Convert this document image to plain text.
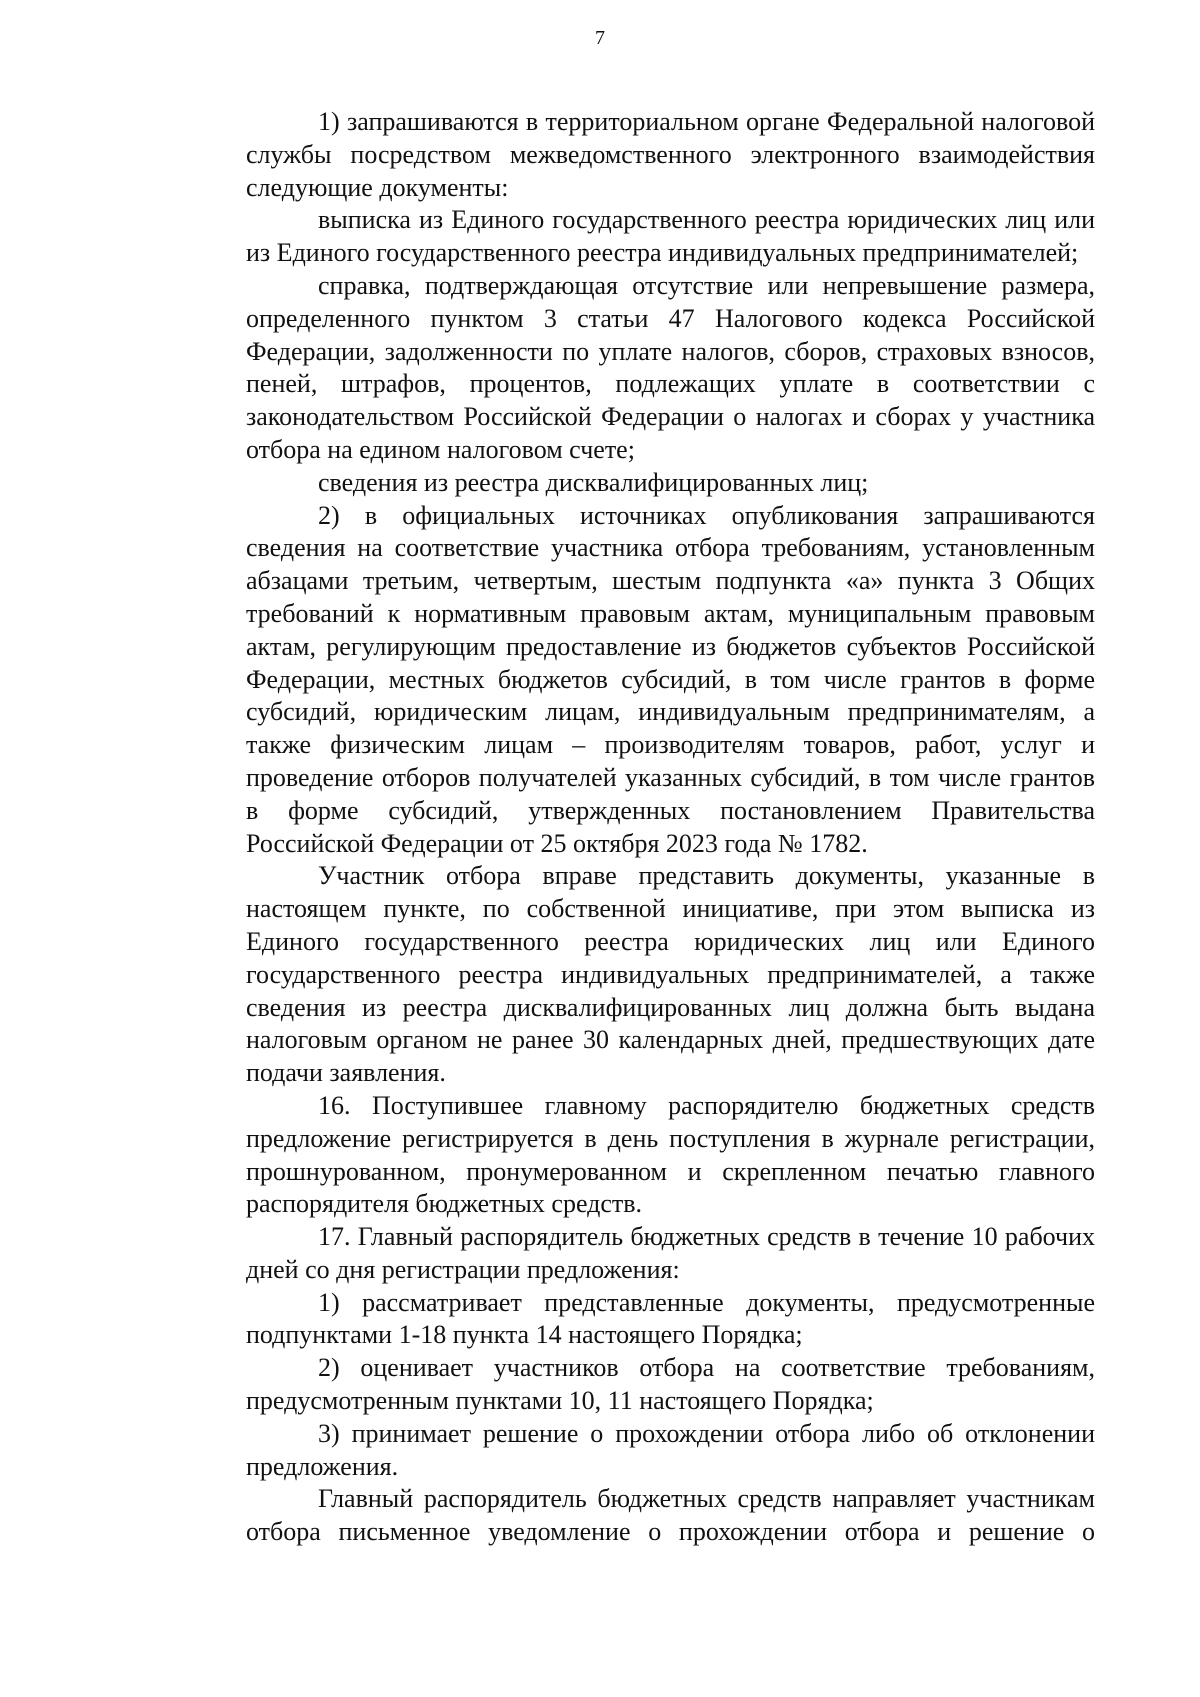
7
1) запрашиваются в территориальном органе Федеральной налоговой
службы посредством межведомственного электронного взаимодействия
следующие документы:
выписка из Единого государственного реестра юридических лиц или
из Единого государственного реестра индивидуальных предпринимателей;
справка, подтверждающая отсутствие или непревышение размера,
определенного пунктом 3 статьи 47 Налогового кодекса Российской
Федерации, задолженности по уплате налогов, сборов, страховых взносов,
пеней, штрафов, процентов, подлежащих уплате в соответствии с
законодательством Российской Федерации о налогах и сборах у участника
отбора на едином налоговом счете;
сведения из реестра дисквалифицированных лиц;
2) в официальных источниках опубликования запрашиваются
сведения на соответствие участника отбора требованиям, установленным
абзацами третьим, четвертым, шестым подпункта «а» пункта 3 Общих
требований к нормативным правовым актам, муниципальным правовым
актам, регулирующим предоставление из бюджетов субъектов Российской
Федерации, местных бюджетов субсидий, в том числе грантов в форме
субсидий, юридическим лицам, индивидуальным предпринимателям, а
также физическим лицам – производителям товаров, работ, услуг и
проведение отборов получателей указанных субсидий, в том числе грантов
в форме субсидий, утвержденных постановлением Правительства
Российской Федерации от 25 октября 2023 года № 1782.
Участник отбора вправе представить документы, указанные в
настоящем пункте, по собственной инициативе, при этом выписка из
Единого государственного реестра юридических лиц или Единого
государственного реестра индивидуальных предпринимателей, а также
сведения из реестра дисквалифицированных лиц должна быть выдана
налоговым органом не ранее 30 календарных дней, предшествующих дате
подачи заявления.
16. Поступившее главному распорядителю бюджетных средств
предложение регистрируется в день поступления в журнале регистрации,
прошнурованном, пронумерованном и скрепленном печатью главного
распорядителя бюджетных средств.
17. Главный распорядитель бюджетных средств в течение 10 рабочих
дней со дня регистрации предложения:
1) рассматривает представленные документы, предусмотренные
подпунктами 1-18 пункта 14 настоящего Порядка;
2) оценивает участников отбора на соответствие требованиям,
предусмотренным пунктами 10, 11 настоящего Порядка;
3) принимает решение о прохождении отбора либо об отклонении
предложения.
Главный распорядитель бюджетных средств направляет участникам
отбора письменное уведомление о прохождении отбора и решение о
